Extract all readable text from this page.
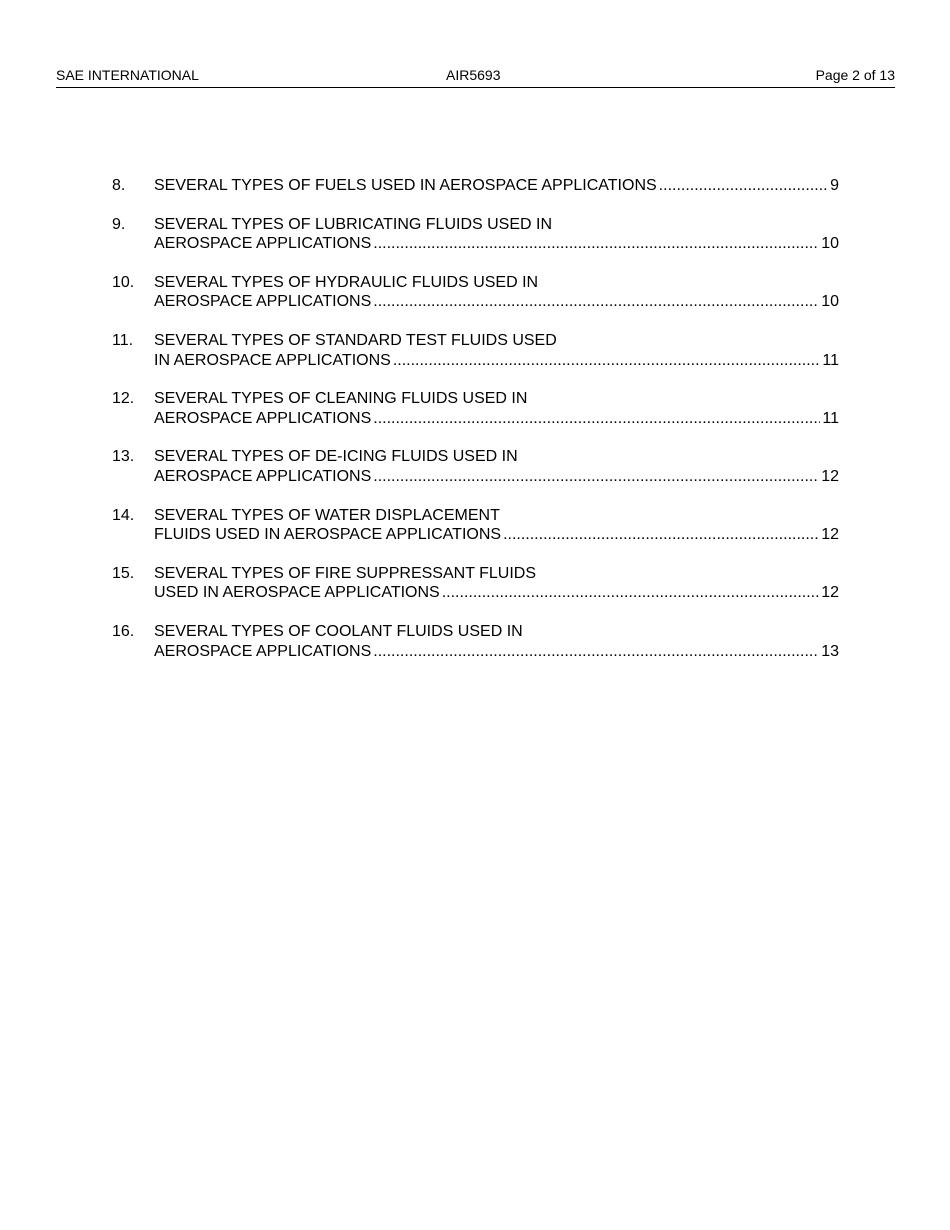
SAE INTERNATIONAL	AIR5693	Page 2 of 13
8. SEVERAL TYPES OF FUELS USED IN AEROSPACE APPLICATIONS .....	9
9. SEVERAL TYPES OF LUBRICATING FLUIDS USED IN
AEROSPACE APPLICATIONS .....	10
10. SEVERAL TYPES OF HYDRAULIC FLUIDS USED IN
AEROSPACE APPLICATIONS .....	10
11. SEVERAL TYPES OF STANDARD TEST FLUIDS USED
IN AEROSPACE APPLICATIONS .....	11
12. SEVERAL TYPES OF CLEANING FLUIDS USED IN
AEROSPACE APPLICATIONS .....	11
13. SEVERAL TYPES OF DE-ICING FLUIDS USED IN
AEROSPACE APPLICATIONS .....	12
14. SEVERAL TYPES OF WATER DISPLACEMENT
FLUIDS USED IN AEROSPACE APPLICATIONS .....	12
15. SEVERAL TYPES OF FIRE SUPPRESSANT FLUIDS
USED IN AEROSPACE APPLICATIONS .....	12
16. SEVERAL TYPES OF COOLANT FLUIDS USED IN
AEROSPACE APPLICATIONS .....	13
